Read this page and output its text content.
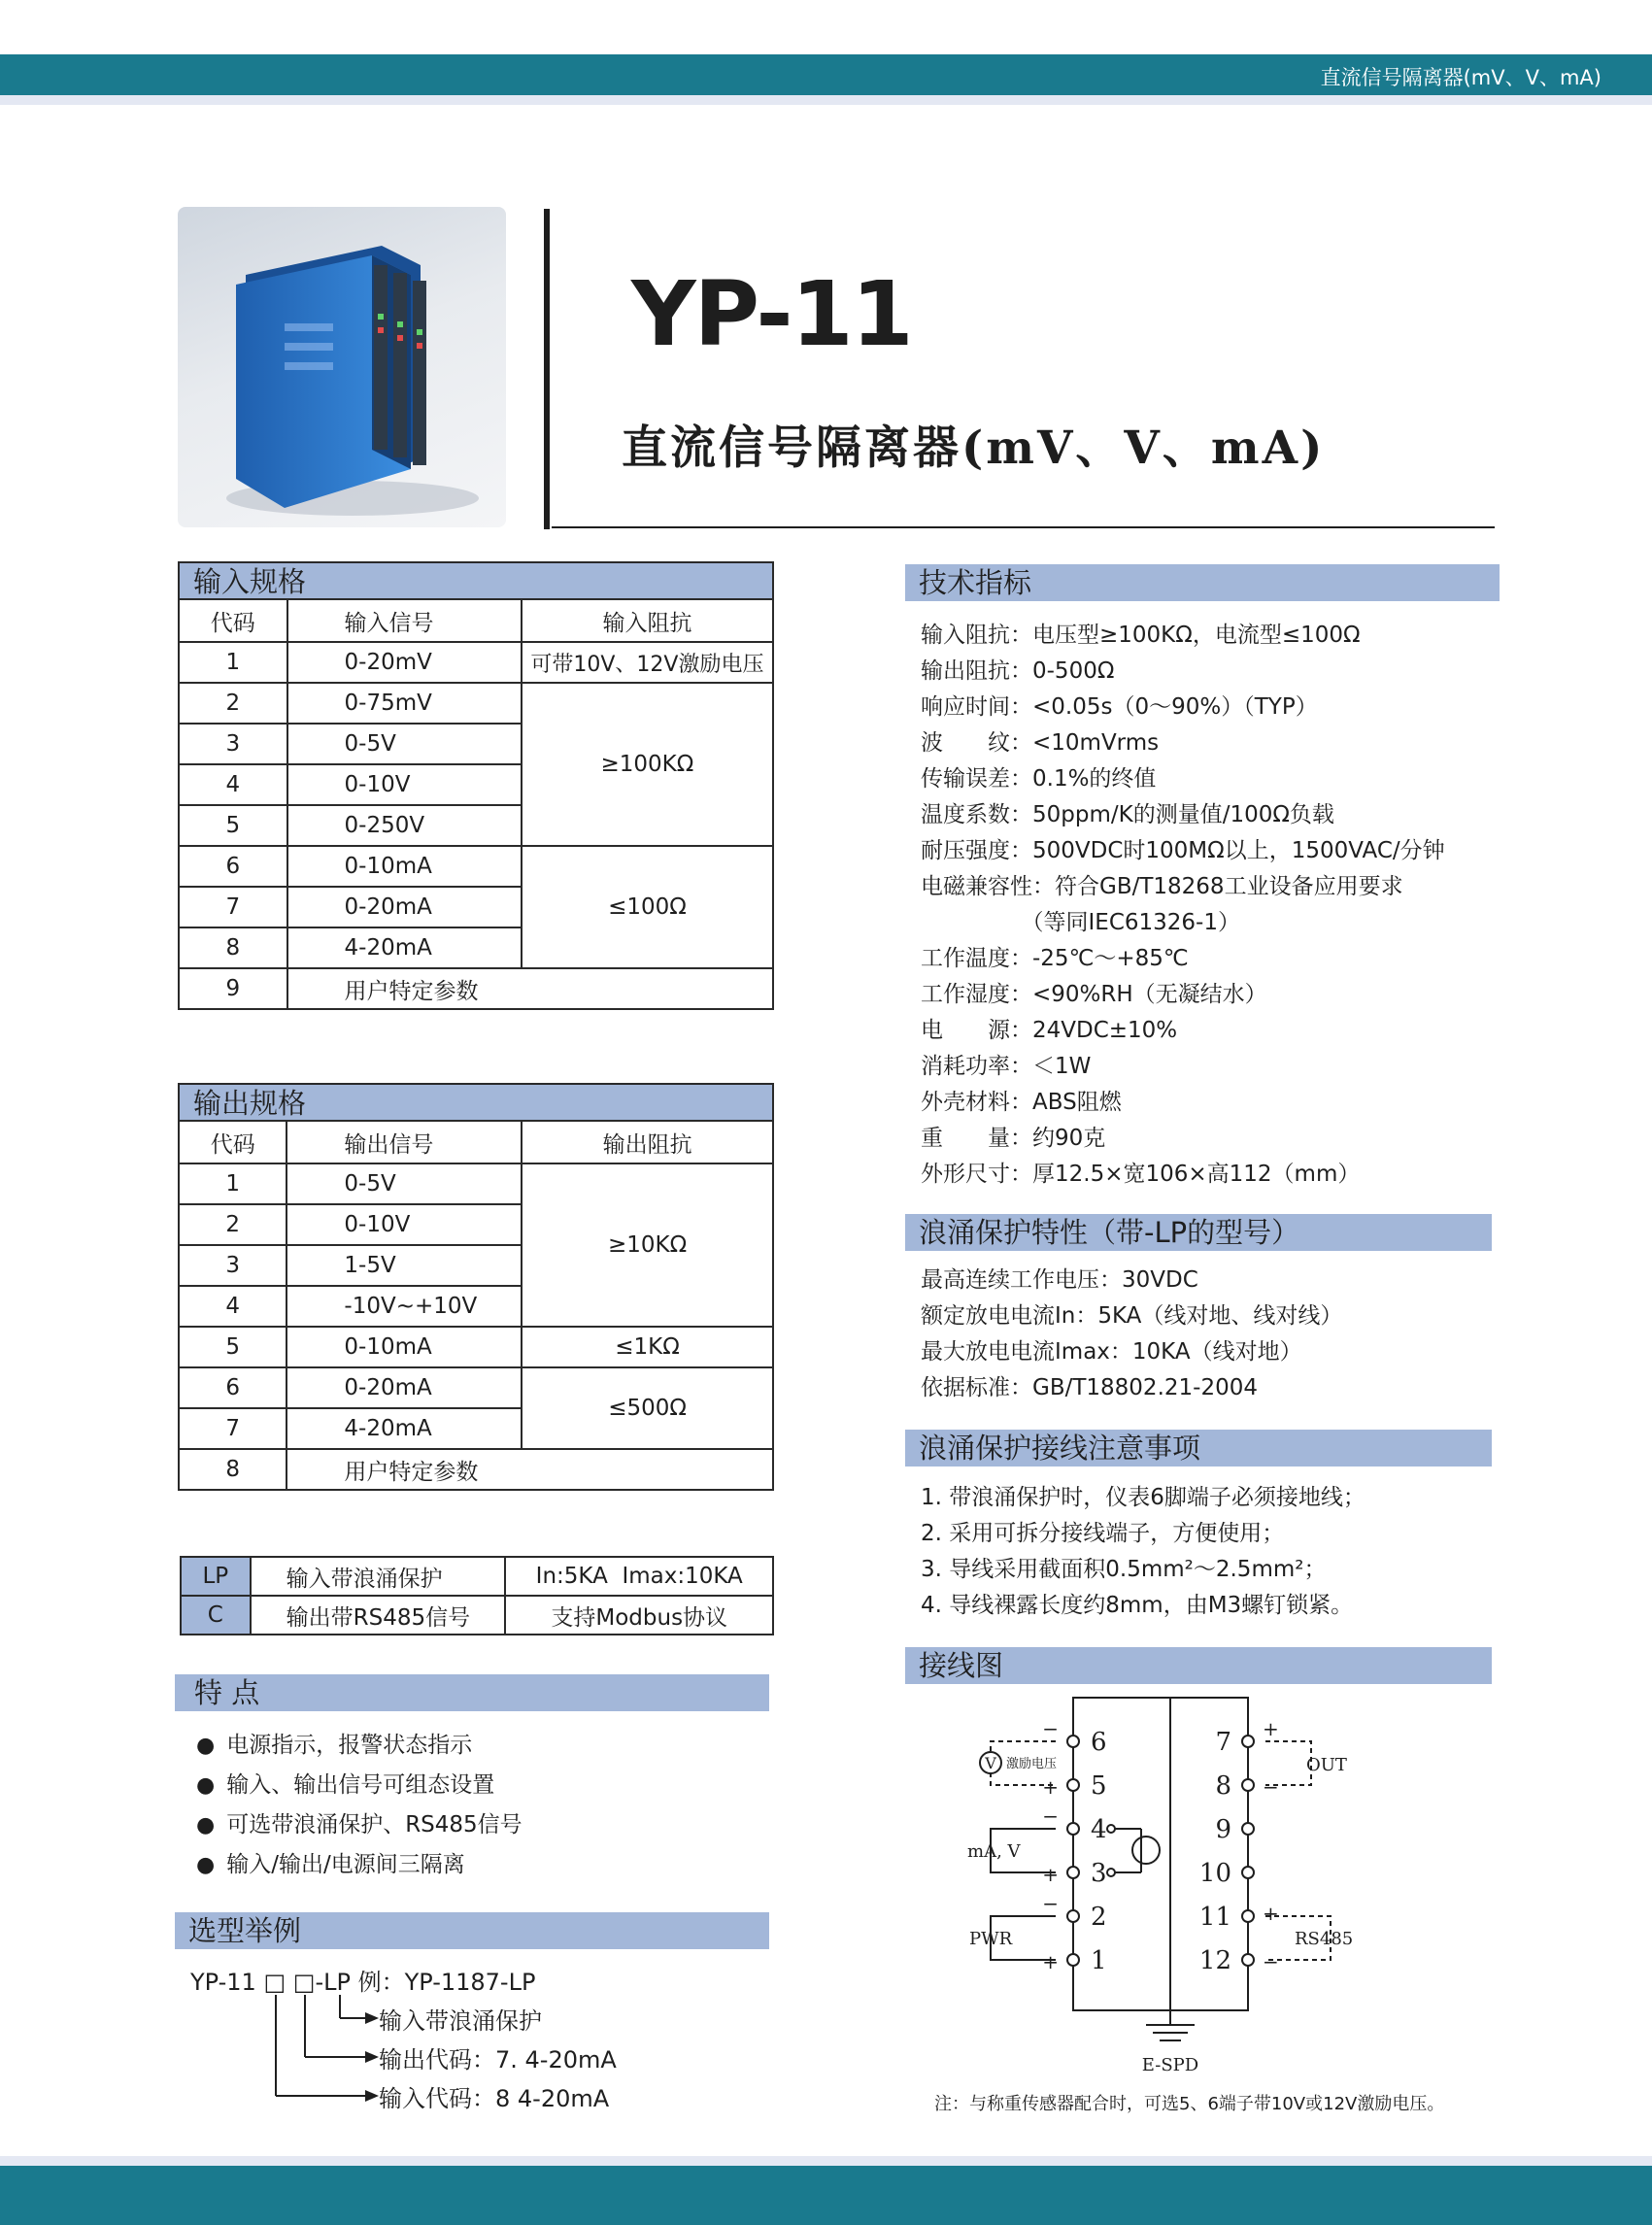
直流信号隔离器(mV、V、mA)
YP-11
直流信号隔离器(mV、V、mA)
输入规格
代码	输入信号	输入阻抗
1	0-20mV	可带10V、12V激励电压
2	0-75mV	≥100KΩ
3	0-5V	
4	0-10V	
5	0-250V	
6	0-10mA	≤100Ω
7	0-20mA	
8	4-20mA	
9	用户特定参数	
输出规格
代码	输出信号	输出阻抗
1	0-5V	≥10KΩ
2	0-10V	
3	1-5V	
4	-10V~+10V	
5	0-10mA	≤1KΩ
6	0-20mA	≤500Ω
7	4-20mA	
8	用户特定参数	
LP	输入带浪涌保护	In:5KA  Imax:10KA
C	输出带RS485信号	支持Modbus协议
特 点
● 电源指示，报警状态指示
● 输入、输出信号可组态设置
● 可选带浪涌保护、RS485信号
● 输入/输出/电源间三隔离
选型举例
YP-11 □ □-LP 例：YP-1187-LP
输入带浪涌保护
输出代码：7. 4-20mA
输入代码：8 4-20mA
技术指标
输入阻抗：电压型≥100KΩ，电流型≤100Ω
输出阻抗：0-500Ω
响应时间：<0.05s（0～90%）（TYP）
波　　纹：<10mVrms
传输误差：0.1%的终值
温度系数：50ppm/K的测量值/100Ω负载
耐压强度：500VDC时100MΩ以上，1500VAC/分钟
电磁兼容性：符合GB/T18268工业设备应用要求
　　　　　（等同IEC61326-1）
工作温度：-25℃～+85℃
工作湿度：<90%RH（无凝结水）
电　　源：24VDC±10%
消耗功率：＜1W
外壳材料：ABS阻燃
重　　量：约90克
外形尺寸：厚12.5×宽106×高112（mm）
浪涌保护特性（带-LP的型号）
最高连续工作电压：30VDC
额定放电电流In：5KA（线对地、线对线）
最大放电电流Imax：10KA（线对地）
依据标准：GB/T18802.21-2004
浪涌保护接线注意事项
1. 带浪涌保护时，仪表6脚端子必须接地线；
2. 采用可拆分接线端子，方便使用；
3. 导线采用截面积0.5mm²～2.5mm²；
4. 导线裸露长度约8mm，由M3螺钉锁紧。
接线图
V
−
+
−
+
−
+
+
−
+
−
6
5
4
3
2
1
7
8
9
10
11
12
激励电压
mA, V
PWR
OUT
RS485
E-SPD
注：与称重传感器配合时，可选5、6端子带10V或12V激励电压。
